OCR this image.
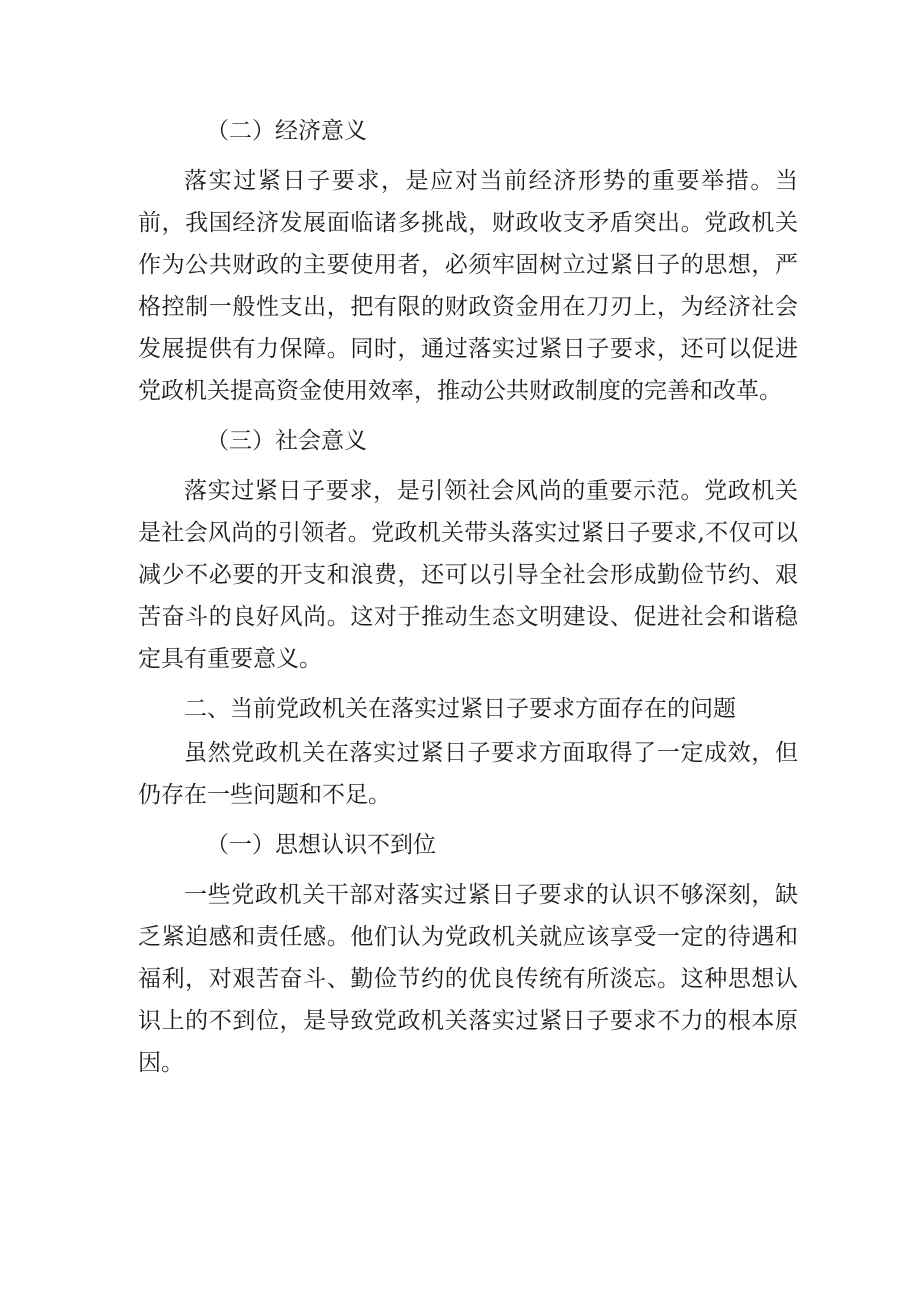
（二）经济意义

落实过紧日子要求，是应对当前经济形势的重要举措。当前，我国经济发展面临诸多挑战，财政收支矛盾突出。党政机关作为公共财政的主要使用者，必须牢固树立过紧日子的思想，严格控制一般性支出，把有限的财政资金用在刀刃上，为经济社会发展提供有力保障。同时，通过落实过紧日子要求，还可以促进党政机关提高资金使用效率，推动公共财政制度的完善和改革。

（三）社会意义

落实过紧日子要求，是引领社会风尚的重要示范。党政机关是社会风尚的引领者。党政机关带头落实过紧日子要求,不仅可以减少不必要的开支和浪费，还可以引导全社会形成勤俭节约、艰苦奋斗的良好风尚。这对于推动生态文明建设、促进社会和谐稳定具有重要意义。

二、当前党政机关在落实过紧日子要求方面存在的问题

虽然党政机关在落实过紧日子要求方面取得了一定成效，但仍存在一些问题和不足。

（一）思想认识不到位

一些党政机关干部对落实过紧日子要求的认识不够深刻，缺乏紧迫感和责任感。他们认为党政机关就应该享受一定的待遇和福利，对艰苦奋斗、勤俭节约的优良传统有所淡忘。这种思想认识上的不到位，是导致党政机关落实过紧日子要求不力的根本原因。
